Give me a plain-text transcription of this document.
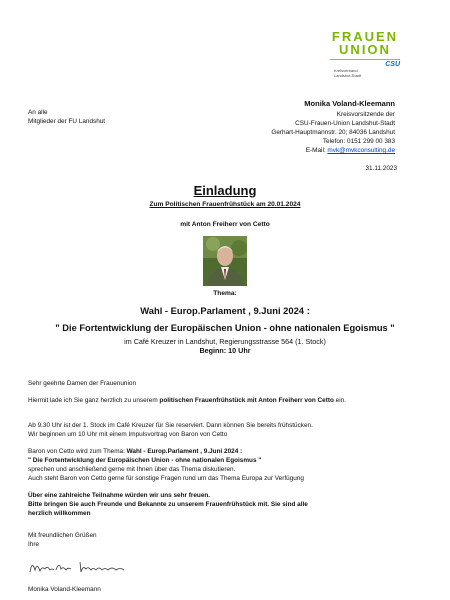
FRAUEN
UNION
CSU
Kreisverband
Landshut-Stadt
An alle
Mitglieder der FU Landshut
Monika Voland-Kleemann
Kreisvorsitzende der
CSU-Frauen-Union Landshut-Stadt
Gerhart-Hauptmannstr. 20; 84036 Landshut
Telefon: 0151 299 00 383
E-Mail: mvk@mvkconsulting.de
31.11.2023
Einladung
Zum Politischen Frauenfrühstück am 20.01.2024
mit Anton Freiherr von Cetto
Thema:
Wahl - Europ.Parlament , 9.Juni 2024 :
" Die Fortentwicklung der Europäischen Union - ohne nationalen Egoismus "
im Café Kreuzer in Landshut, Regierungsstrasse 564 (1. Stock)
Beginn: 10 Uhr
Sehr geehrte Damen der Frauenunion
Hiermit lade ich Sie ganz herzlich zu unserem politischen Frauenfrühstück mit Anton Freiherr von Cetto ein.
Ab 9.30 Uhr ist der 1. Stock im Café Kreuzer für Sie reserviert. Dann können Sie bereits frühstücken.
Wir beginnen um 10 Uhr mit einem Impulsvortrag von Baron von Cetto
Baron von Cetto wird zum Thema: Wahl - Europ.Parlament , 9.Juni 2024 :
" Die Fortentwicklung der Europäischen Union - ohne nationalen Egoismus "
sprechen und anschließend gerne mit Ihnen über das Thema diskutieren.
Auch steht Baron von Cetto gerne für sonstige Fragen rund um das Thema Europa zur Verfügung
Über eine zahlreiche Teilnahme würden wir uns sehr freuen.
Bitte bringen Sie auch Freunde und Bekannte zu unserem Frauenfrühstück mit. Sie sind alle
herzlich willkommen
Mit freundlichen Grüßen
Ihre
Monika Voland-Kleemann
